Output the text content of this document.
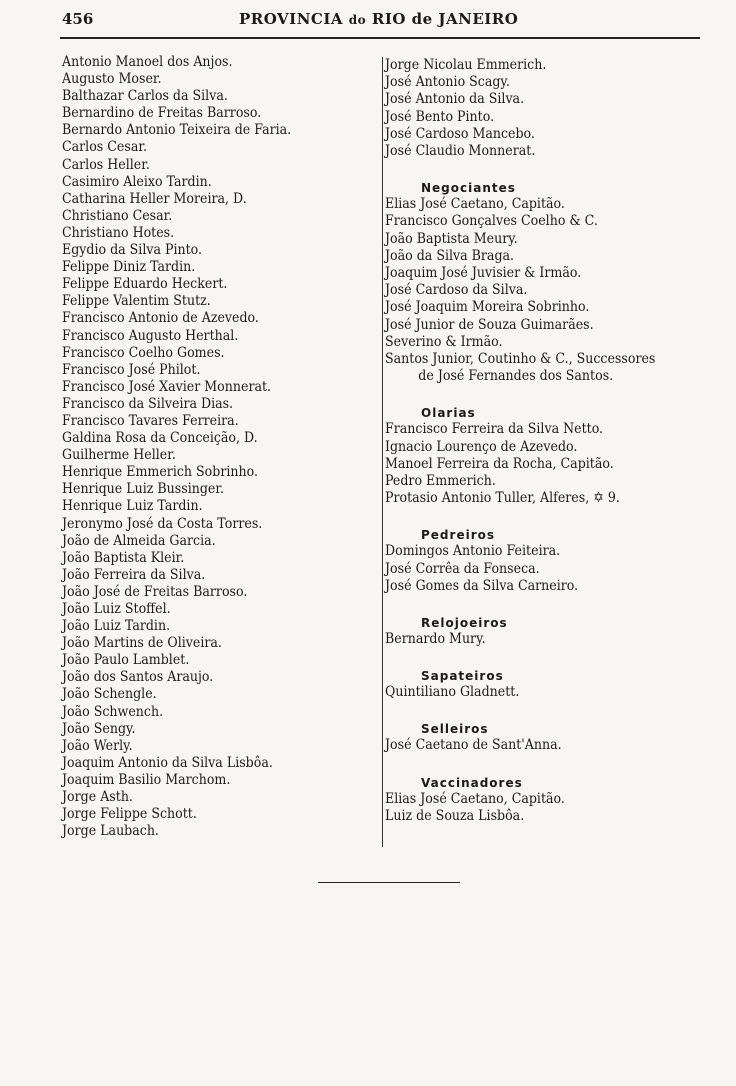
456	PROVINCIA do RIO de JANEIRO
Antonio Manoel dos Anjos.
Augusto Moser.
Balthazar Carlos da Silva.
Bernardino de Freitas Barroso.
Bernardo Antonio Teixeira de Faria.
Carlos Cesar.
Carlos Heller.
Casimiro Aleixo Tardin.
Catharina Heller Moreira, D.
Christiano Cesar.
Christiano Hotes.
Egydio da Silva Pinto.
Felippe Diniz Tardin.
Felippe Eduardo Heckert.
Felippe Valentim Stutz.
Francisco Antonio de Azevedo.
Francisco Augusto Herthal.
Francisco Coelho Gomes.
Francisco José Philot.
Francisco José Xavier Monnerat.
Francisco da Silveira Dias.
Francisco Tavares Ferreira.
Galdina Rosa da Conceição, D.
Guilherme Heller.
Henrique Emmerich Sobrinho.
Henrique Luiz Bussinger.
Henrique Luiz Tardin.
Jeronymo José da Costa Torres.
João de Almeida Garcia.
João Baptista Kleir.
João Ferreira da Silva.
João José de Freitas Barroso.
João Luiz Stoffel.
João Luiz Tardin.
João Martins de Oliveira.
João Paulo Lamblet.
João dos Santos Araujo.
João Schengle.
João Schwench.
João Sengy.
João Werly.
Joaquim Antonio da Silva Lisbôa.
Joaquim Basilio Marchom.
Jorge Asth.
Jorge Felippe Schott.
Jorge Laubach.
Jorge Nicolau Emmerich.
José Antonio Scagy.
José Antonio da Silva.
José Bento Pinto.
José Cardoso Mancebo.
José Claudio Monnerat.
Negociantes
Elias José Caetano, Capitão.
Francisco Gonçalves Coelho & C.
João Baptista Meury.
João da Silva Braga.
Joaquim José Juvisier & Irmão.
José Cardoso da Silva.
José Joaquim Moreira Sobrinho.
José Junior de Souza Guimarães.
Severino & Irmão.
Santos Junior, Coutinho & C., Successores
de José Fernandes dos Santos.
Olarias
Francisco Ferreira da Silva Netto.
Ignacio Lourenço de Azevedo.
Manoel Ferreira da Rocha, Capitão.
Pedro Emmerich.
Protasio Antonio Tuller, Alferes, ✡ 9.
Pedreiros
Domingos Antonio Feiteira.
José Corrêa da Fonseca.
José Gomes da Silva Carneiro.
Relojoeiros
Bernardo Mury.
Sapateiros
Quintiliano Gladnett.
Selleiros
José Caetano de Sant'Anna.
Vaccinadores
Elias José Caetano, Capitão.
Luiz de Souza Lisbôa.
